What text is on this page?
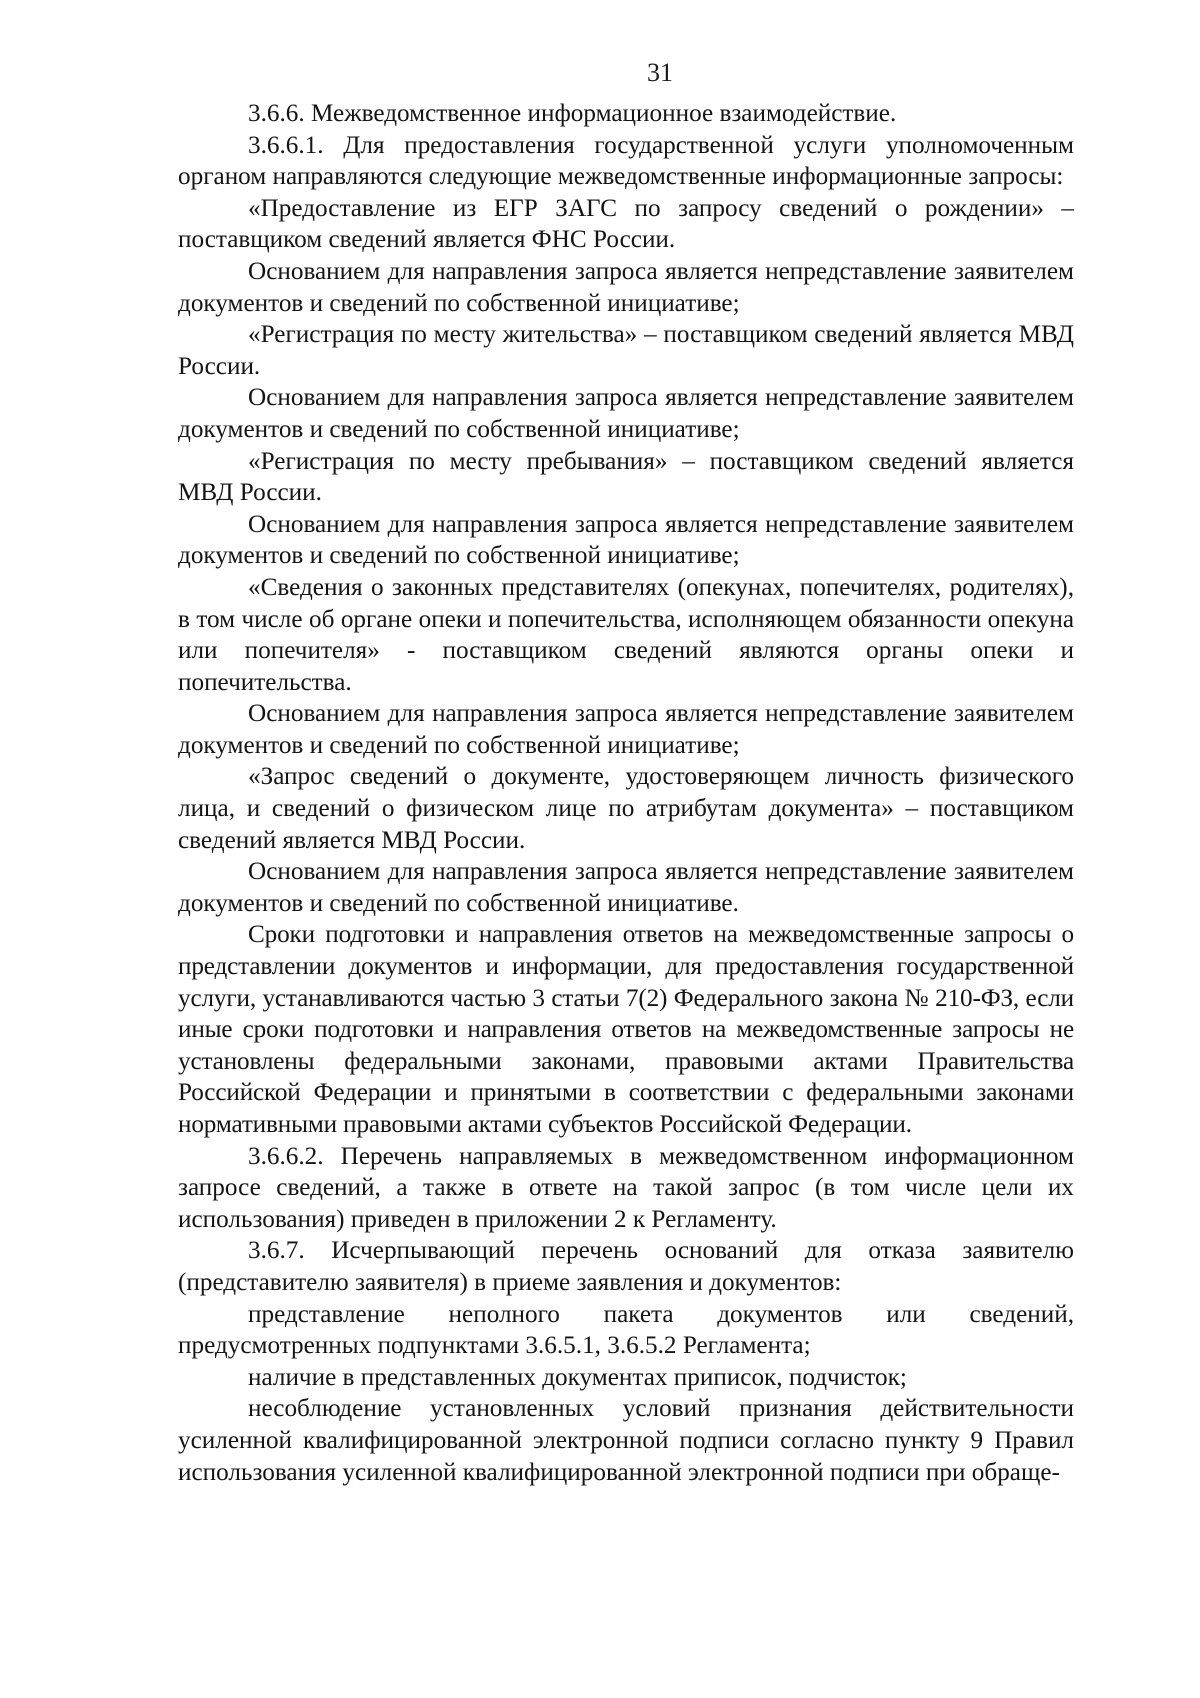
31

3.6.6. Межведомственное информационное взаимодействие.

3.6.6.1. Для предоставления государственной услуги уполномоченным органом направляются следующие межведомственные информационные запросы:

«Предоставление из ЕГР ЗАГС по запросу сведений о рождении» – поставщиком сведений является ФНС России.

Основанием для направления запроса является непредставление заявителем документов и сведений по собственной инициативе;

«Регистрация по месту жительства» – поставщиком сведений является МВД России.

Основанием для направления запроса является непредставление заявителем документов и сведений по собственной инициативе;

«Регистрация по месту пребывания» – поставщиком сведений является МВД России.

Основанием для направления запроса является непредставление заявителем документов и сведений по собственной инициативе;

«Сведения о законных представителях (опекунах, попечителях, родителях), в том числе об органе опеки и попечительства, исполняющем обязанности опекуна или попечителя» - поставщиком сведений являются органы опеки и попечительства.

Основанием для направления запроса является непредставление заявителем документов и сведений по собственной инициативе;

«Запрос сведений о документе, удостоверяющем личность физического лица, и сведений о физическом лице по атрибутам документа» – поставщиком сведений является МВД России.

Основанием для направления запроса является непредставление заявителем документов и сведений по собственной инициативе.

Сроки подготовки и направления ответов на межведомственные запросы о представлении документов и информации, для предоставления государственной услуги, устанавливаются частью 3 статьи 7(2) Федерального закона № 210-ФЗ, если иные сроки подготовки и направления ответов на межведомственные запросы не установлены федеральными законами, правовыми актами Правительства Российской Федерации и принятыми в соответствии с федеральными законами нормативными правовыми актами субъектов Российской Федерации.

3.6.6.2. Перечень направляемых в межведомственном информационном запросе сведений, а также в ответе на такой запрос (в том числе цели их использования) приведен в приложении 2 к Регламенту.

3.6.7. Исчерпывающий перечень оснований для отказа заявителю (представителю заявителя) в приеме заявления и документов:

представление неполного пакета документов или сведений, предусмотренных подпунктами 3.6.5.1, 3.6.5.2 Регламента;

наличие в представленных документах приписок, подчисток;

несоблюдение установленных условий признания действительности усиленной квалифицированной электронной подписи согласно пункту 9 Правил использования усиленной квалифицированной электронной подписи при обраще-
